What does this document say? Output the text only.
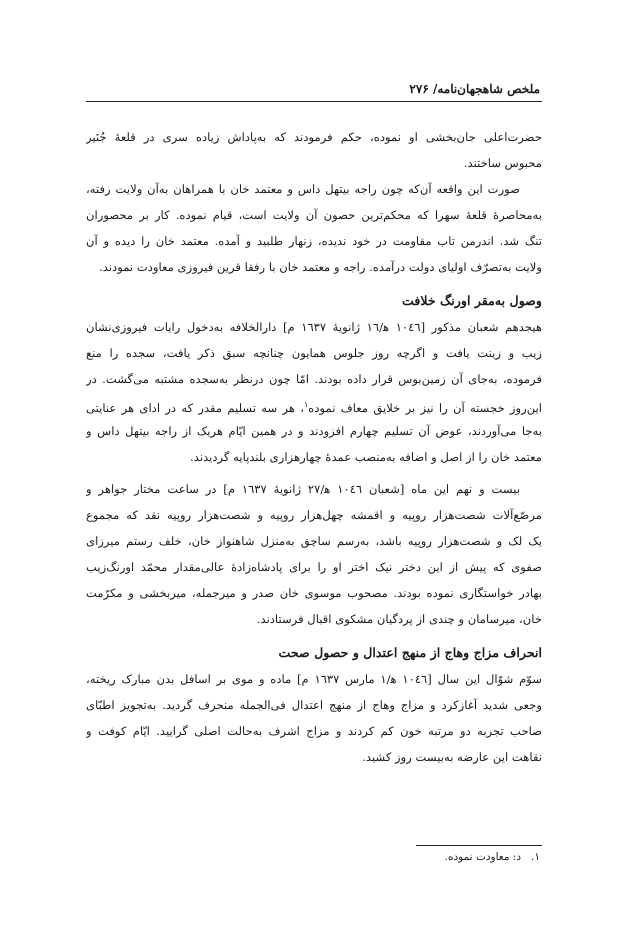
ملخص شاهجهان‌نامه/ ۲۷۶
حضرت‌اعلی جان‌بخشی او نموده، حکم فرمودند که به‌پاداش زیاده سری در قلعهٔ جُنَیر
محبوس ساختند.
صورت این واقعه آن‌که چون راجه بیتهل داس و معتمد خان با همراهان به‌آن ولایت رفته،
به‌محاصرهٔ قلعهٔ سهرا که محکم‌ترین حصون آن ولایت است، قیام نموده. کار بر محصوران
تنگ شد. اندرمن تاب مقاومت در خود ندیده، زنهار طلبید و آمده. معتمد خان را دیده و آن
ولایت به‌تصرّف اولیای دولت درآمده. راجه و معتمد خان با رفقا قرین فیروزی معاودت نمودند.
وصول به‌مقر اورنگ خلافت
هیجدهم شعبان مذکور [۱۰٤٦ ه‍/۱٦ ژانویهٔ ۱٦۳۷ م] دارالخلافه به‌دخول رایات فیروزی‌نشان
زیب و زینت یافت و اگرچه روز جلوس همایون چنانچه سبق ذکر یافت، سجده را منع
فرموده، به‌جای آن زمین‌بوس قرار داده بودند. امّا چون درنظر به‌سجده مشتبه می‌گشت. در
این‌روز خجسته آن را نیز بر خلایق معاف نموده$^۱$، هر سه تسلیم مقدر که در ادای هر عنایتی
به‌جا می‌آوردند، عوض آن تسلیم چهارم افزودند و در همین ایّام هریک از راجه بیتهل داس و
معتمد خان را از اصل و اضافه به‌منصب عمدهٔ چهارهزاری بلندپایه گردیدند.
بیست و نهم این ماه [شعبان ۱۰٤٦ ه‍/۲۷ ژانویهٔ ۱٦۳۷ م] در ساعت مختار جواهر و
مرصّع‌آلات شصت‌هزار روپیه و اقمشه چهل‌هزار روپیه و شصت‌هزار روپیه نقد که مجموع
یک لک و شصت‌هزار روپیه باشد، به‌رسم ساچق به‌منزل شاهنواز خان، خلف رستم میرزای
صفوی که پیش از این دختر نیک اختر او را برای پادشاه‌زادهٔ عالی‌مقدار محمّد اورنگ‌زیب
بهادر خواستگاری نموده بودند. مصحوب موسوی خان صدر و میرجمله، میربخشی و مکرّمت
خان، میرسامان و چندی از پردگیان مشکوی اقبال فرستادند.
انحراف مزاج وهاج از منهج اعتدال و حصول صحت
سوّم شوّال این سال [۱۰٤٦ ه‍/۱ مارس ۱٦۳۷ م] ماده و موی بر اسافل بدن مبارک ریخته،
وجعی شدید آغازکرد و مزاج وهاج از منهج اعتدال فی‌الجمله منحرف گردید. به‌تجویز اطبّای
صاحب تجربه دو مرتبه خون کم کردند و مزاج اشرف به‌حالت اصلی گرایید. ایّام کوفت و
نقاهت این عارضه به‌بیست روز کشید.
۱.د: معاودت نموده.
